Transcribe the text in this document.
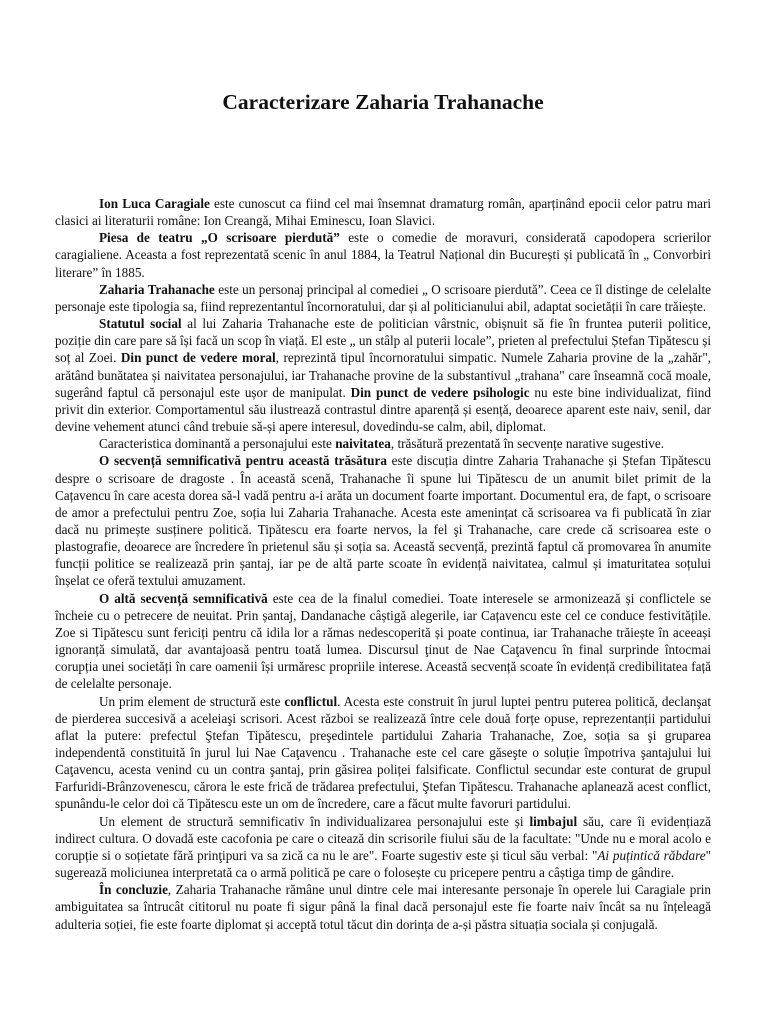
Caracterizare Zaharia Trahanache

Ion Luca Caragiale este cunoscut ca fiind cel mai însemnat dramaturg român, aparținând epocii celor patru mari clasici ai literaturii române: Ion Creangă, Mihai Eminescu, Ioan Slavici.

Piesa de teatru „O scrisoare pierdută” este o comedie de moravuri, considerată capodopera scrierilor caragialiene. Aceasta a fost reprezentată scenic în anul 1884, la Teatrul Național din București și publicată în „ Convorbiri literare” în 1885.

Zaharia Trahanache este un personaj principal al comediei „ O scrisoare pierdută”. Ceea ce îl distinge de celelalte personaje este tipologia sa, fiind reprezentantul încornoratului, dar și al politicianului abil, adaptat societății în care trăiește.

Statutul social al lui Zaharia Trahanache este de politician vârstnic, obișnuit să fie în fruntea puterii politice, poziție din care pare să își facă un scop în viață. El este „ un stâlp al puterii locale”, prieten al prefectului Ștefan Tipătescu și soț al Zoei. Din punct de vedere moral, reprezintă tipul încornoratului simpatic. Numele Zaharia provine de la „zahăr", arătând bunătatea și naivitatea personajului, iar Trahanache provine de la substantivul „trahana" care înseamnă cocă moale, sugerând faptul că personajul este ușor de manipulat. Din punct de vedere psihologic nu este bine individualizat, fiind privit din exterior. Comportamentul său ilustrează contrastul dintre aparență și esență, deoarece aparent este naiv, senil, dar devine vehement atunci când trebuie să-și apere interesul, dovedindu-se calm, abil, diplomat.

Caracteristica dominantă a personajului este naivitatea, trăsătură prezentată în secvențe narative sugestive.

O secvență semnificativă pentru această trăsătura este discuția dintre Zaharia Trahanache și Ștefan Tipătescu despre o scrisoare de dragoste . În această scenă, Trahanache îi spune lui Tipătescu de un anumit bilet primit de la Cațavencu în care acesta dorea să-l vadă pentru a-i arăta un document foarte important. Documentul era, de fapt, o scrisoare de amor a prefectului pentru Zoe, soția lui Zaharia Trahanache. Acesta este amenințat că scrisoarea va fi publicată în ziar dacă nu primește susținere politică. Tipătescu era foarte nervos, la fel şi Trahanache, care crede că scrisoarea este o plastografie, deoarece are încredere în prietenul său și soția sa. Această secvență, prezintă faptul că promovarea în anumite funcții politice se realizează prin șantaj, iar pe de altă parte scoate în evidență naivitatea, calmul și imaturitatea soțului înșelat ce oferă textului amuzament.

O altă secvență semnificativă este cea de la finalul comediei. Toate interesele se armonizează și conflictele se încheie cu o petrecere de neuitat. Prin șantaj, Dandanache câștigă alegerile, iar Cațavencu este cel ce conduce festivitățile. Zoe si Tipătescu sunt fericiți pentru că idila lor a rămas nedescoperită și poate continua, iar Trahanache trăiește în aceeași ignoranță simulată, dar avantajoasă pentru toată lumea. Discursul ţinut de Nae Caţavencu în final surprinde întocmai corupția unei societăți în care oamenii își urmăresc propriile interese. Această secvență scoate în evidență credibilitatea față de celelalte personaje.

Un prim element de structură este conflictul. Acesta este construit în jurul luptei pentru puterea politică, declanşat de pierderea succesivă a aceleiaşi scrisori. Acest război se realizează între cele două forțe opuse, reprezentanții partidului aflat la putere: prefectul Ştefan Tipătescu, preşedintele partidului Zaharia Trahanache, Zoe, soția sa şi gruparea independentă constituită în jurul lui Nae Caţavencu . Trahanache este cel care găseşte o soluție împotriva şantajului lui Caţavencu, acesta venind cu un contra şantaj, prin găsirea poliței falsificate. Conflictul secundar este conturat de grupul Farfuridi-Brânzovenescu, cărora le este frică de trădarea prefectului, Ştefan Tipătescu. Trahanache aplanează acest conflict, spunându-le celor doi că Tipătescu este un om de încredere, care a făcut multe favoruri partidului.

Un element de structură semnificativ în individualizarea personajului este și limbajul său, care îi evidențiază indirect cultura. O dovadă este cacofonia pe care o citează din scrisorile fiului său de la facultate: "Unde nu e moral acolo e corupție si o soțietate fără prinţipuri va sa zică ca nu le are". Foarte sugestiv este și ticul său verbal: "Ai puțintică răbdare" sugerează moliciunea interpretată ca o armă politică pe care o folosește cu pricepere pentru a câștiga timp de gândire.

În concluzie, Zaharia Trahanache rămâne unul dintre cele mai interesante personaje în operele lui Caragiale prin ambiguitatea sa întrucât cititorul nu poate fi sigur până la final dacă personajul este fie foarte naiv încât sa nu înțeleagă adulteria soției, fie este foarte diplomat și acceptă totul tăcut din dorința de a-și păstra situația sociala și conjugală.
